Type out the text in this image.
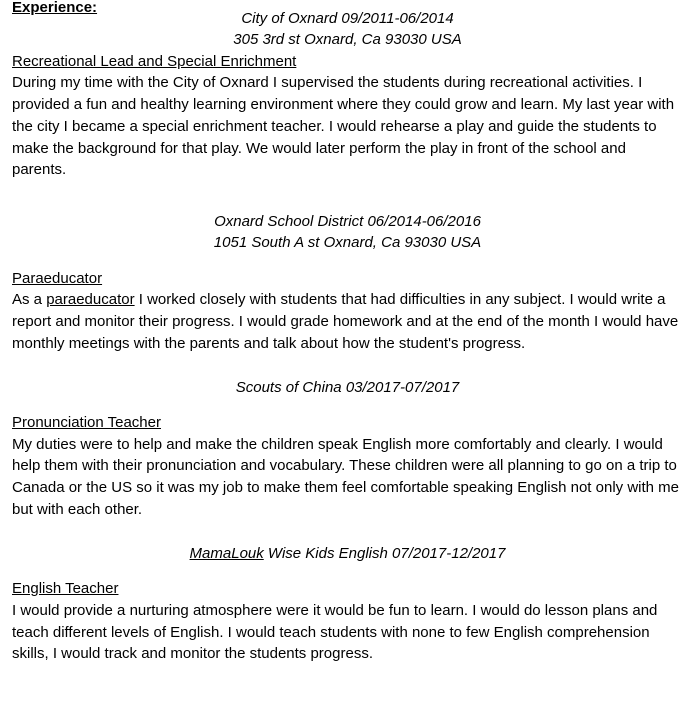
Experience:
City of Oxnard 09/2011-06/2014
305 3rd st Oxnard, Ca 93030 USA
Recreational Lead and Special Enrichment
During my time with the City of Oxnard I supervised the students during recreational activities. I provided a fun and healthy learning environment where they could grow and learn. My last year with the city I became a special enrichment teacher. I would rehearse a play and guide the students to make the background for that play. We would later perform the play in front of the school and parents.
Oxnard School District 06/2014-06/2016
1051 South A st Oxnard, Ca 93030 USA
Paraeducator
As a paraeducator I worked closely with students that had difficulties in any subject. I would write a report and monitor their progress. I would grade homework and at the end of the month I would have monthly meetings with the parents and talk about how the student's progress.
Scouts of China 03/2017-07/2017
Pronunciation Teacher
My duties were to help and make the children speak English more comfortably and clearly. I would help them with their pronunciation and vocabulary. These children were all planning to go on a trip to Canada or the US so it was my job to make them feel comfortable speaking English not only with me but with each other.
MamaLouk Wise Kids English 07/2017-12/2017
English Teacher
I would provide a nurturing atmosphere were it would be fun to learn. I would do lesson plans and teach different levels of English. I would teach students with none to few English comprehension skills, I would track and monitor the students progress.
